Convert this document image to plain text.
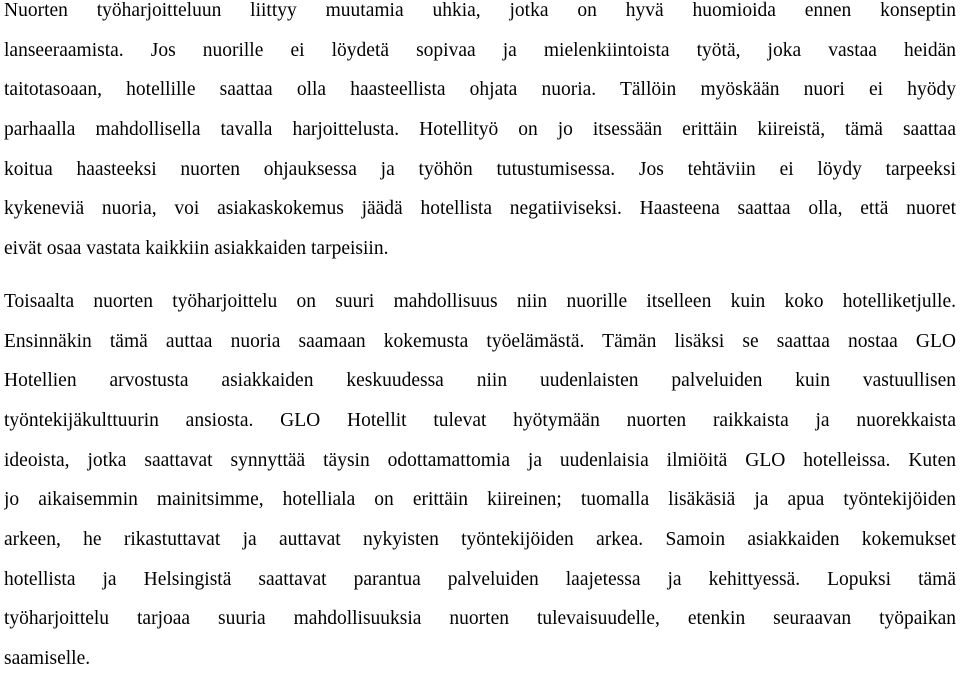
Nuorten työharjoitteluun liittyy muutamia uhkia, jotka on hyvä huomioida ennen konseptin
lanseeraamista. Jos nuorille ei löydetä sopivaa ja mielenkiintoista työtä, joka vastaa heidän
taitotasoaan, hotellille saattaa olla haasteellista ohjata nuoria. Tällöin myöskään nuori ei hyödy
parhaalla mahdollisella tavalla harjoittelusta. Hotellityö on jo itsessään erittäin kiireistä, tämä saattaa
koitua haasteeksi nuorten ohjauksessa ja työhön tutustumisessa. Jos tehtäviin ei löydy tarpeeksi
kykeneviä nuoria, voi asiakaskokemus jäädä hotellista negatiiviseksi. Haasteena saattaa olla, että nuoret
eivät osaa vastata kaikkiin asiakkaiden tarpeisiin.
Toisaalta nuorten työharjoittelu on suuri mahdollisuus niin nuorille itselleen kuin koko hotelliketjulle.
Ensinnäkin tämä auttaa nuoria saamaan kokemusta työelämästä. Tämän lisäksi se saattaa nostaa GLO
Hotellien arvostusta asiakkaiden keskuudessa niin uudenlaisten palveluiden kuin vastuullisen
työntekijäkulttuurin ansiosta. GLO Hotellit tulevat hyötymään nuorten raikkaista ja nuorekkaista
ideoista, jotka saattavat synnyttää täysin odottamattomia ja uudenlaisia ilmiöitä GLO hotelleissa. Kuten
jo aikaisemmin mainitsimme, hotelliala on erittäin kiireinen; tuomalla lisäkäsiä ja apua työntekijöiden
arkeen, he rikastuttavat ja auttavat nykyisten työntekijöiden arkea. Samoin asiakkaiden kokemukset
hotellista ja Helsingistä saattavat parantua palveluiden laajetessa ja kehittyessä. Lopuksi tämä
työharjoittelu tarjoaa suuria mahdollisuuksia nuorten tulevaisuudelle, etenkin seuraavan työpaikan
saamiselle.
